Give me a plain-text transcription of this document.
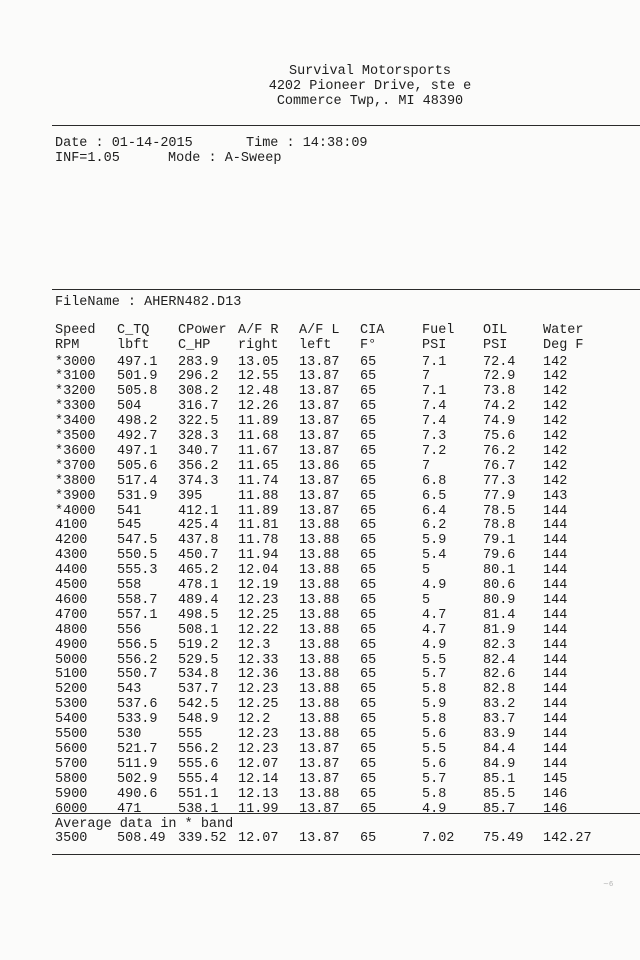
Survival Motorsports
4202 Pioneer Drive, ste e
Commerce Twp,. MI 48390
Date : 01-14-2015	Time : 14:38:09
INF=1.05	Mode : A-Sweep
FileName : AHERN482.D13
Speed C_TQ CPower A/F R A/F L CIA	Fuel OIL	Water
RPM	lbft C_HP right left F°	PSI	PSI	Deg F
*3000 497.1 283.9 13.05 13.87 65	7.1	72.4 142
*3100 501.9 296.2 12.55 13.87 65	7	72.9 142
*3200 505.8 308.2 12.48 13.87 65	7.1	73.8 142
*3300 504	316.7 12.26 13.87 65	7.4	74.2 142
*3400 498.2 322.5 11.89 13.87 65	7.4	74.9 142
*3500 492.7 328.3 11.68 13.87 65	7.3	75.6 142
*3600 497.1 340.7 11.67 13.87 65	7.2	76.2 142
*3700 505.6 356.2 11.65 13.86 65	7	76.7 142
*3800 517.4 374.3 11.74 13.87 65	6.8	77.3 142
*3900 531.9 395	11.88 13.87 65	6.5	77.9 143
*4000 541	412.1 11.89 13.87 65	6.4	78.5 144
4100 545	425.4 11.81 13.88 65	6.2	78.8 144
4200 547.5 437.8 11.78 13.88 65	5.9	79.1 144
4300 550.5 450.7 11.94 13.88 65	5.4	79.6 144
4400 555.3 465.2 12.04 13.88 65	5	80.1 144
4500 558	478.1 12.19 13.88 65	4.9	80.6 144
4600 558.7 489.4 12.23 13.88 65	5	80.9 144
4700 557.1 498.5 12.25 13.88 65	4.7	81.4 144
4800 556	508.1 12.22 13.88 65	4.7	81.9 144
4900 556.5 519.2 12.3 13.88 65	4.9	82.3 144
5000 556.2 529.5 12.33 13.88 65	5.5	82.4 144
5100 550.7 534.8 12.36 13.88 65	5.7	82.6 144
5200 543	537.7 12.23 13.88 65	5.8	82.8 144
5300 537.6 542.5 12.25 13.88 65	5.9	83.2 144
5400 533.9 548.9 12.2 13.88 65	5.8	83.7 144
5500 530	555	12.23 13.88 65	5.6	83.9 144
5600 521.7 556.2 12.23 13.87 65	5.5	84.4 144
5700 511.9 555.6 12.07 13.87 65	5.6	84.9 144
5800 502.9 555.4 12.14 13.87 65	5.7	85.1 145
5900 490.6 551.1 12.13 13.88 65	5.8	85.5 146
6000 471	538.1 11.99 13.87 65	4.9	85.7 146
Average data in * band
3500 508.49 339.52 12.07 13.87 65	7.02 75.49 142.27
~6
